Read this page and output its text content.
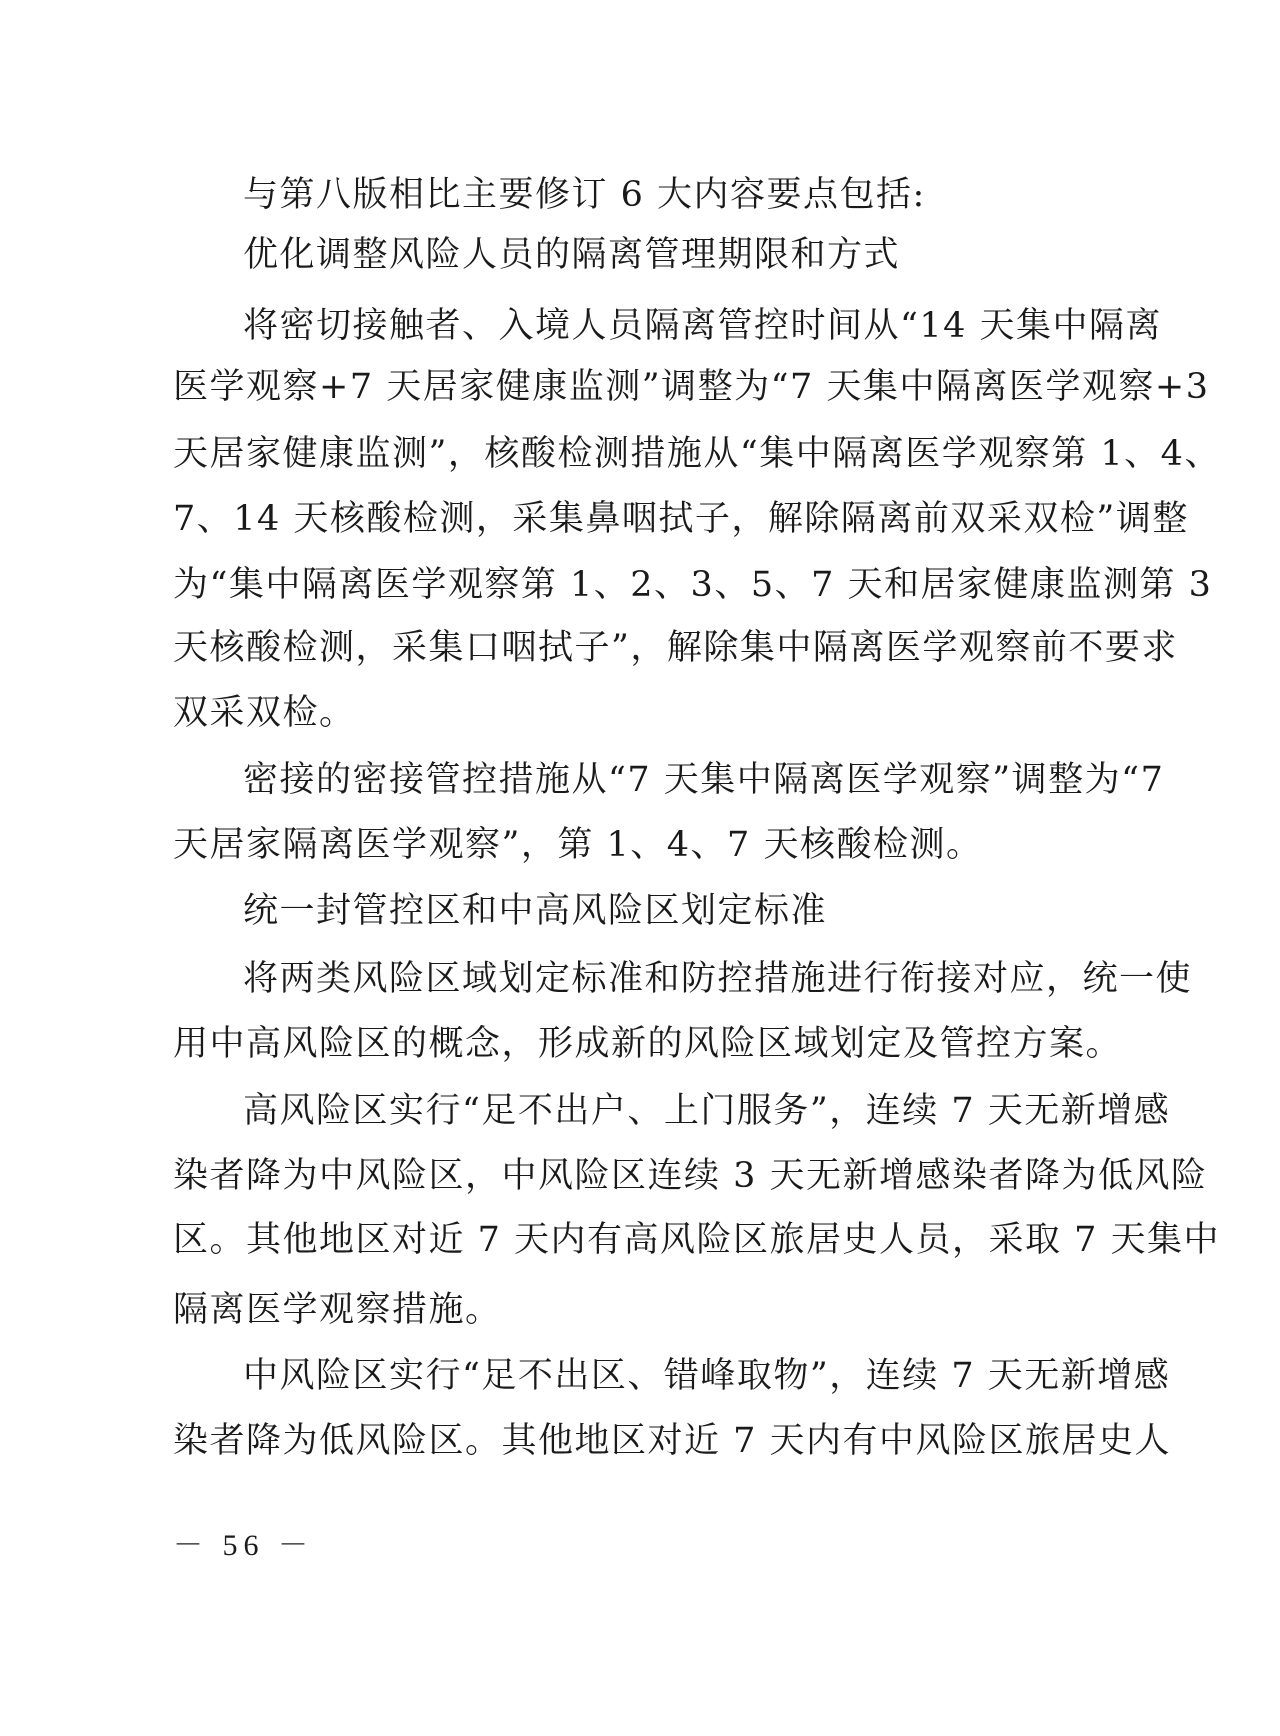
与第八版相比主要修订 6 大内容要点包括:
优化调整风险人员的隔离管理期限和方式
将密切接触者、入境人员隔离管控时间从“14 天集中隔离
医学观察+7 天居家健康监测”调整为“7 天集中隔离医学观察+3
天居家健康监测”，核酸检测措施从“集中隔离医学观察第 1、4、
7、14 天核酸检测，采集鼻咽拭子，解除隔离前双采双检”调整
为“集中隔离医学观察第 1、2、3、5、7 天和居家健康监测第 3
天核酸检测，采集口咽拭子”，解除集中隔离医学观察前不要求
双采双检。
密接的密接管控措施从“7 天集中隔离医学观察”调整为“7
天居家隔离医学观察”，第 1、4、7 天核酸检测。
统一封管控区和中高风险区划定标准
将两类风险区域划定标准和防控措施进行衔接对应，统一使
用中高风险区的概念，形成新的风险区域划定及管控方案。
高风险区实行“足不出户、上门服务”，连续 7 天无新增感
染者降为中风险区，中风险区连续 3 天无新增感染者降为低风险
区。其他地区对近 7 天内有高风险区旅居史人员，采取 7 天集中
隔离医学观察措施。
中风险区实行“足不出区、错峰取物”，连续 7 天无新增感
染者降为低风险区。其他地区对近 7 天内有中风险区旅居史人
－ 56 －
